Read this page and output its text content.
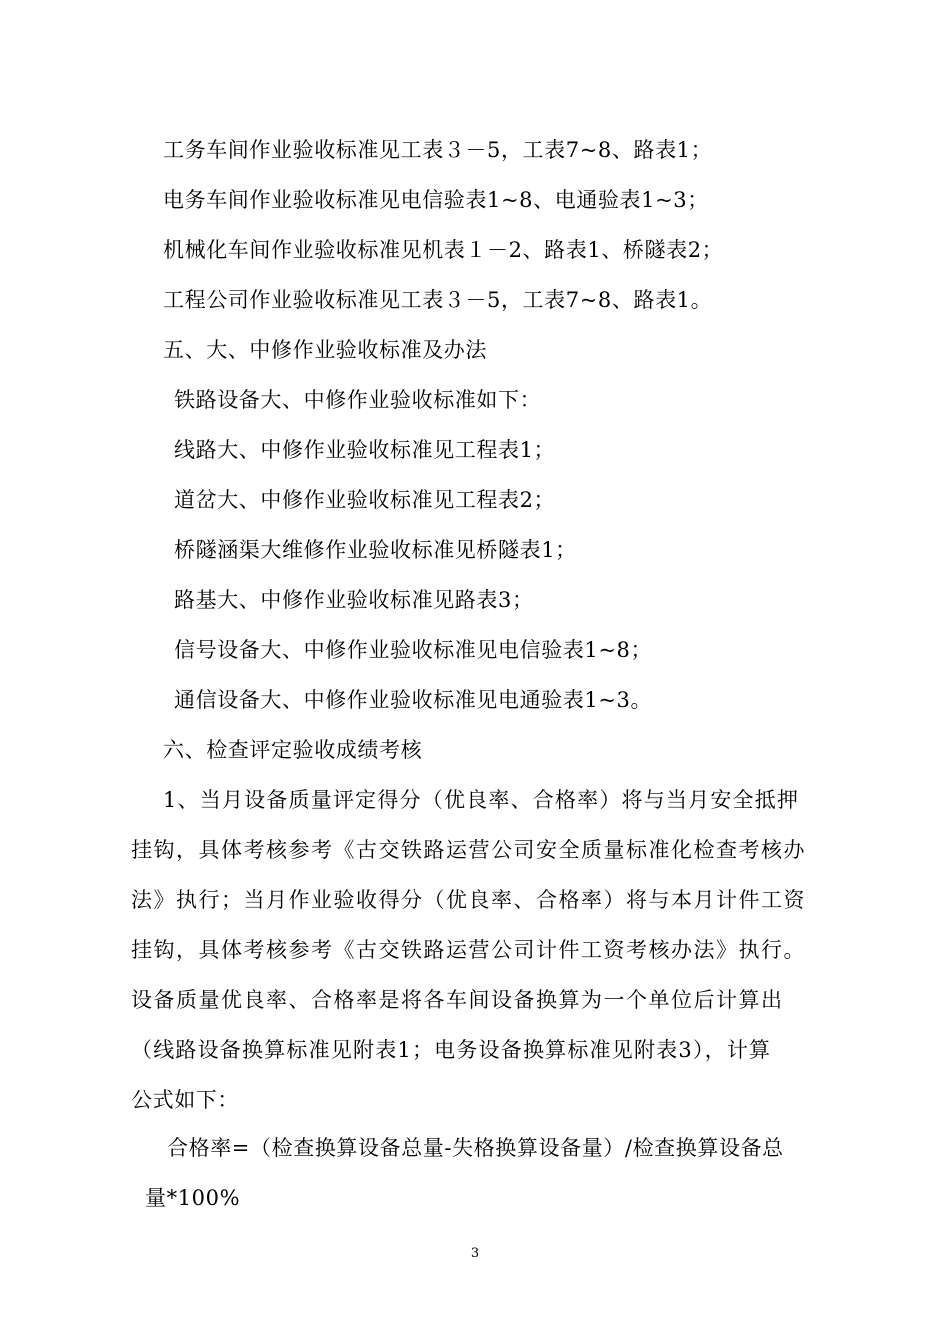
工务车间作业验收标准见工表３－5，工表7~8、路表1；

电务车间作业验收标准见电信验表1~8、电通验表1~3；

机械化车间作业验收标准见机表１－2、路表1、桥隧表2；

工程公司作业验收标准见工表３－5，工表7~8、路表1。

五、大、中修作业验收标准及办法

铁路设备大、中修作业验收标准如下：

线路大、中修作业验收标准见工程表1；

道岔大、中修作业验收标准见工程表2；

桥隧涵渠大维修作业验收标准见桥隧表1；

路基大、中修作业验收标准见路表3；

信号设备大、中修作业验收标准见电信验表1~8；

通信设备大、中修作业验收标准见电通验表1~3。

六、检查评定验收成绩考核

1、当月设备质量评定得分（优良率、合格率）将与当月安全抵押

挂钩，具体考核参考《古交铁路运营公司安全质量标准化检查考核办

法》执行；当月作业验收得分（优良率、合格率）将与本月计件工资

挂钩，具体考核参考《古交铁路运营公司计件工资考核办法》执行。

设备质量优良率、合格率是将各车间设备换算为一个单位后计算出

（线路设备换算标准见附表1；电务设备换算标准见附表3），计算

公式如下：

合格率=（检查换算设备总量-失格换算设备量）/检查换算设备总

量*100%

3
